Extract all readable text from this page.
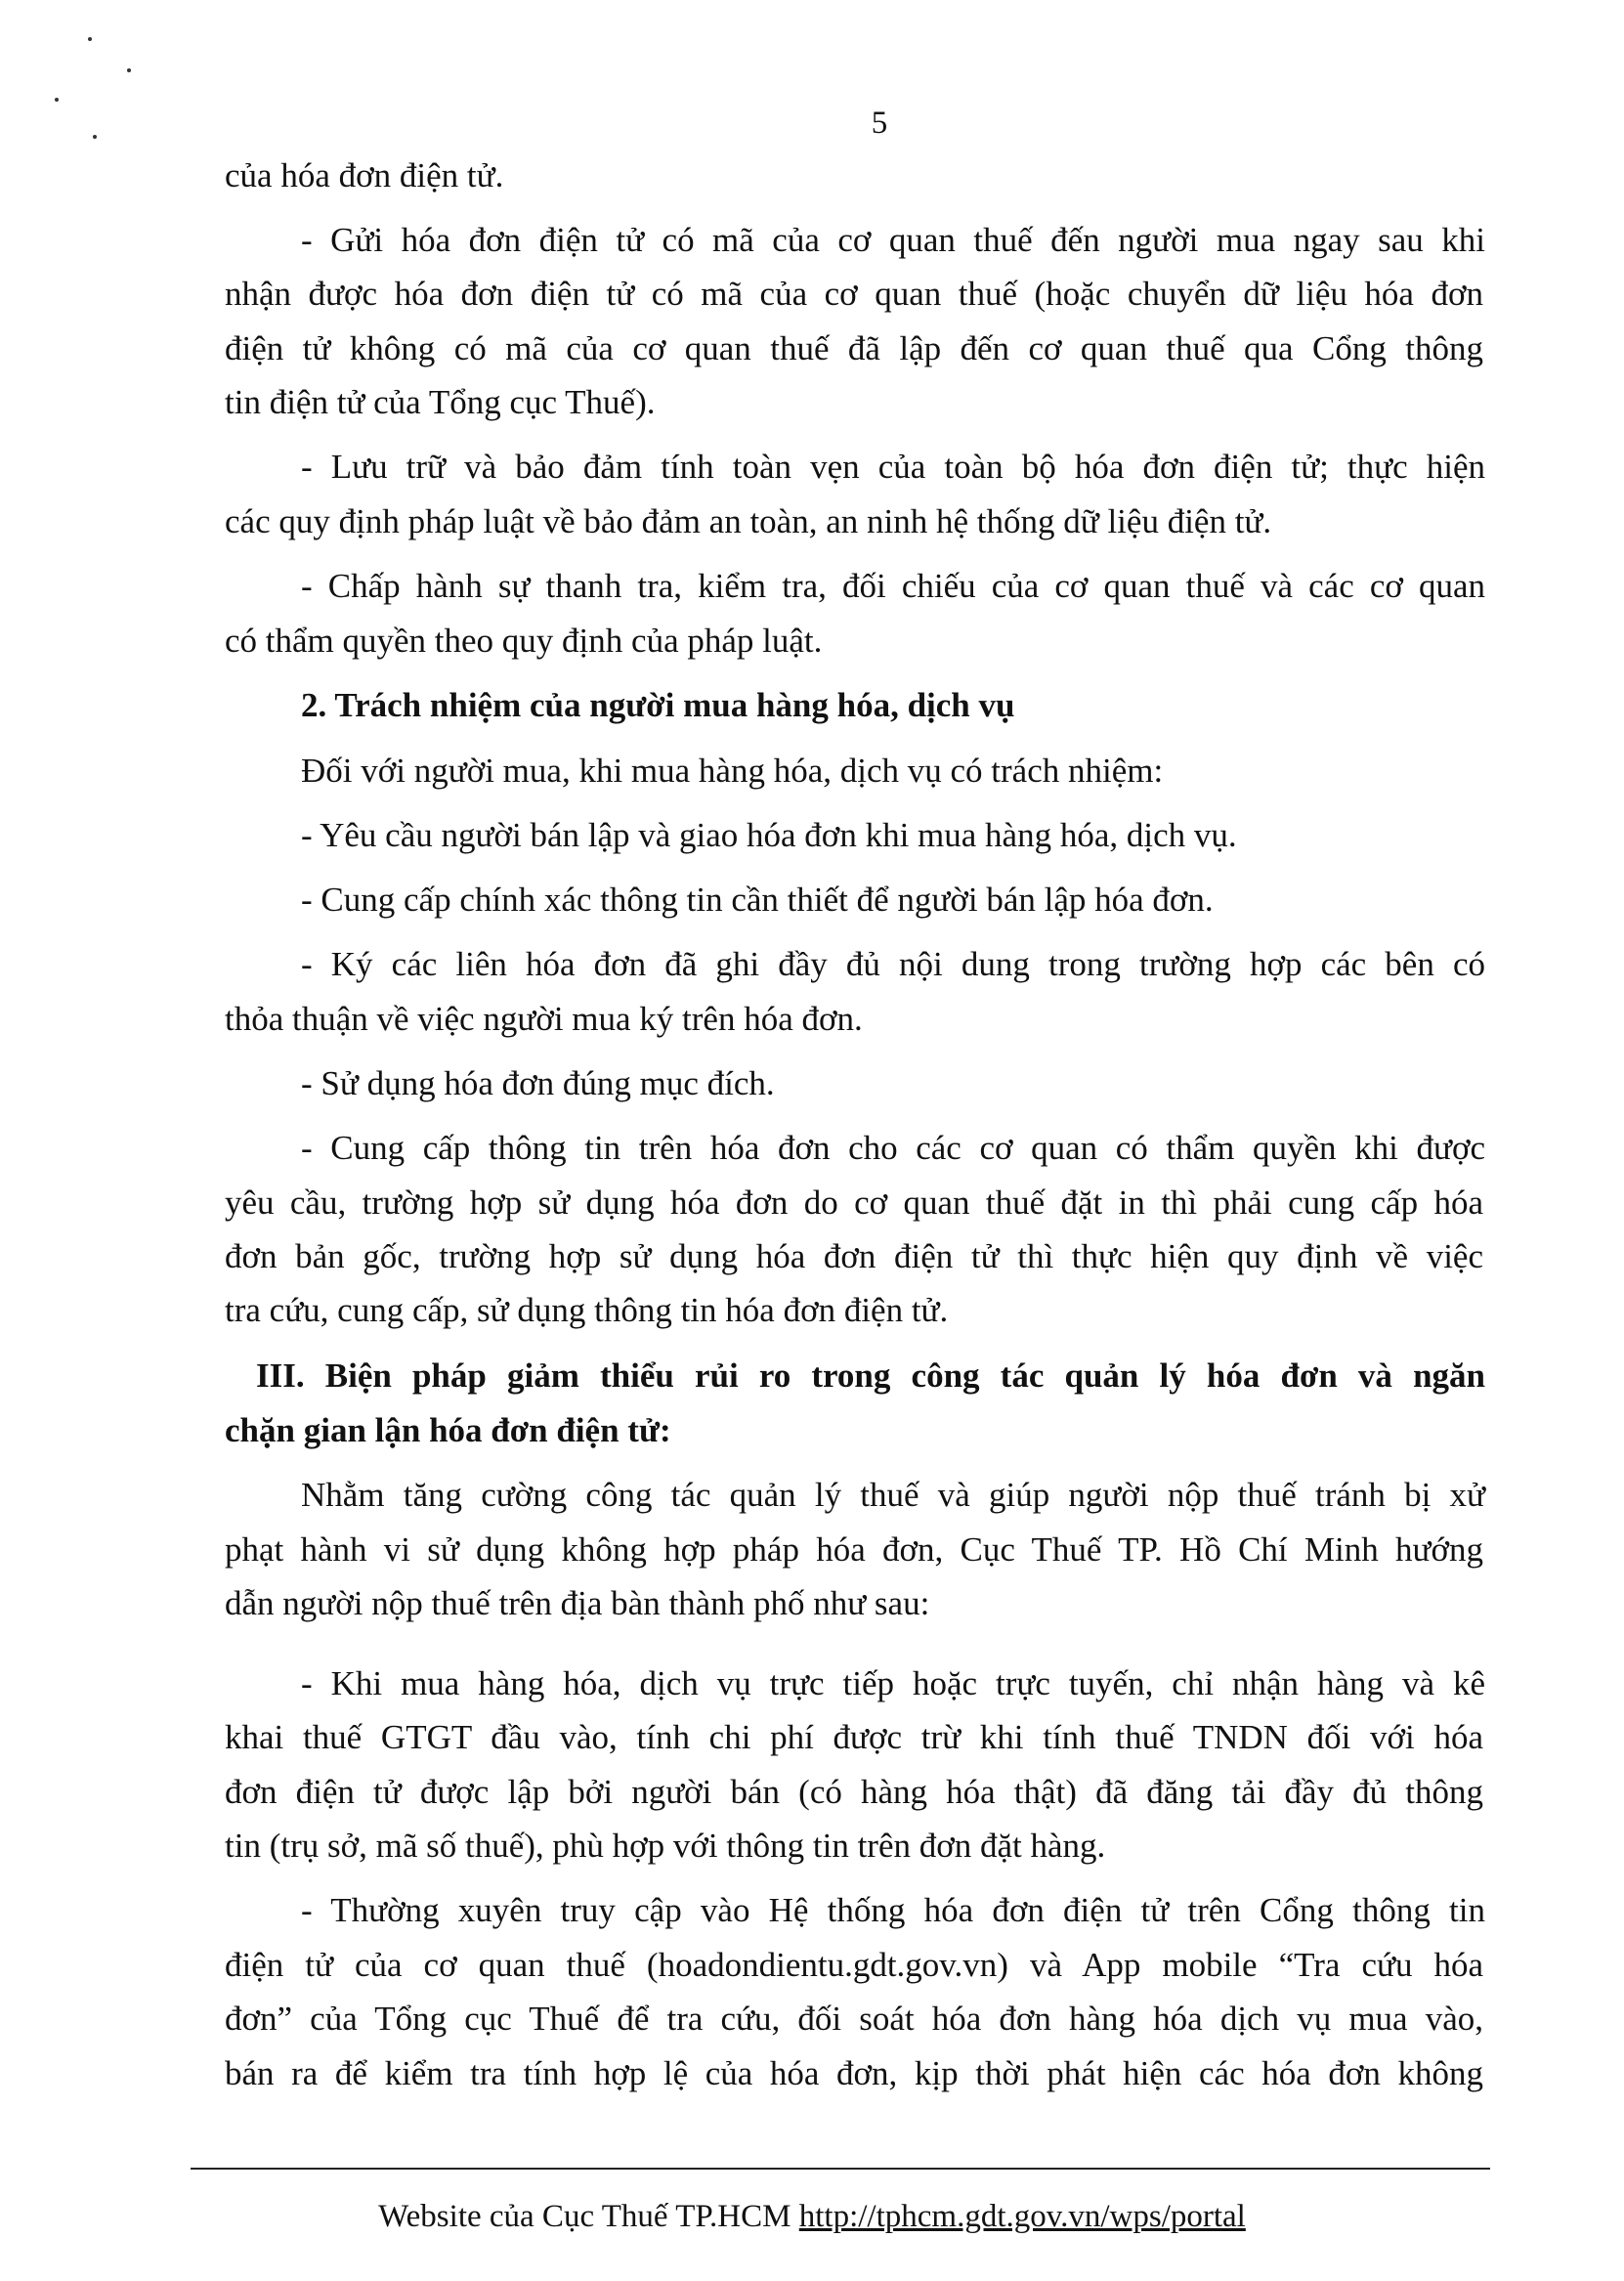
5
của hóa đơn điện tử.
- Gửi hóa đơn điện tử có mã của cơ quan thuế đến người mua ngay sau khi
nhận được hóa đơn điện tử có mã của cơ quan thuế (hoặc chuyển dữ liệu hóa đơn
điện tử không có mã của cơ quan thuế đã lập đến cơ quan thuế qua Cổng thông
tin điện tử của Tổng cục Thuế).
- Lưu trữ và bảo đảm tính toàn vẹn của toàn bộ hóa đơn điện tử; thực hiện
các quy định pháp luật về bảo đảm an toàn, an ninh hệ thống dữ liệu điện tử.
- Chấp hành sự thanh tra, kiểm tra, đối chiếu của cơ quan thuế và các cơ quan
có thẩm quyền theo quy định của pháp luật.
2. Trách nhiệm của người mua hàng hóa, dịch vụ
Đối với người mua, khi mua hàng hóa, dịch vụ có trách nhiệm:
- Yêu cầu người bán lập và giao hóa đơn khi mua hàng hóa, dịch vụ.
- Cung cấp chính xác thông tin cần thiết để người bán lập hóa đơn.
- Ký các liên hóa đơn đã ghi đầy đủ nội dung trong trường hợp các bên có
thỏa thuận về việc người mua ký trên hóa đơn.
- Sử dụng hóa đơn đúng mục đích.
- Cung cấp thông tin trên hóa đơn cho các cơ quan có thẩm quyền khi được
yêu cầu, trường hợp sử dụng hóa đơn do cơ quan thuế đặt in thì phải cung cấp hóa
đơn bản gốc, trường hợp sử dụng hóa đơn điện tử thì thực hiện quy định về việc
tra cứu, cung cấp, sử dụng thông tin hóa đơn điện tử.
III. Biện pháp giảm thiểu rủi ro trong công tác quản lý hóa đơn và ngăn
chặn gian lận hóa đơn điện tử:
Nhằm tăng cường công tác quản lý thuế và giúp người nộp thuế tránh bị xử
phạt hành vi sử dụng không hợp pháp hóa đơn, Cục Thuế TP. Hồ Chí Minh hướng
dẫn người nộp thuế trên địa bàn thành phố như sau:
- Khi mua hàng hóa, dịch vụ trực tiếp hoặc trực tuyến, chỉ nhận hàng và kê
khai thuế GTGT đầu vào, tính chi phí được trừ khi tính thuế TNDN đối với hóa
đơn điện tử được lập bởi người bán (có hàng hóa thật) đã đăng tải đầy đủ thông
tin (trụ sở, mã số thuế), phù hợp với thông tin trên đơn đặt hàng.
- Thường xuyên truy cập vào Hệ thống hóa đơn điện tử trên Cổng thông tin
điện tử của cơ quan thuế (hoadondientu.gdt.gov.vn) và App mobile “Tra cứu hóa
đơn” của Tổng cục Thuế để tra cứu, đối soát hóa đơn hàng hóa dịch vụ mua vào,
bán ra để kiểm tra tính hợp lệ của hóa đơn, kịp thời phát hiện các hóa đơn không
Website của Cục Thuế TP.HCM http://tphcm.gdt.gov.vn/wps/portal
